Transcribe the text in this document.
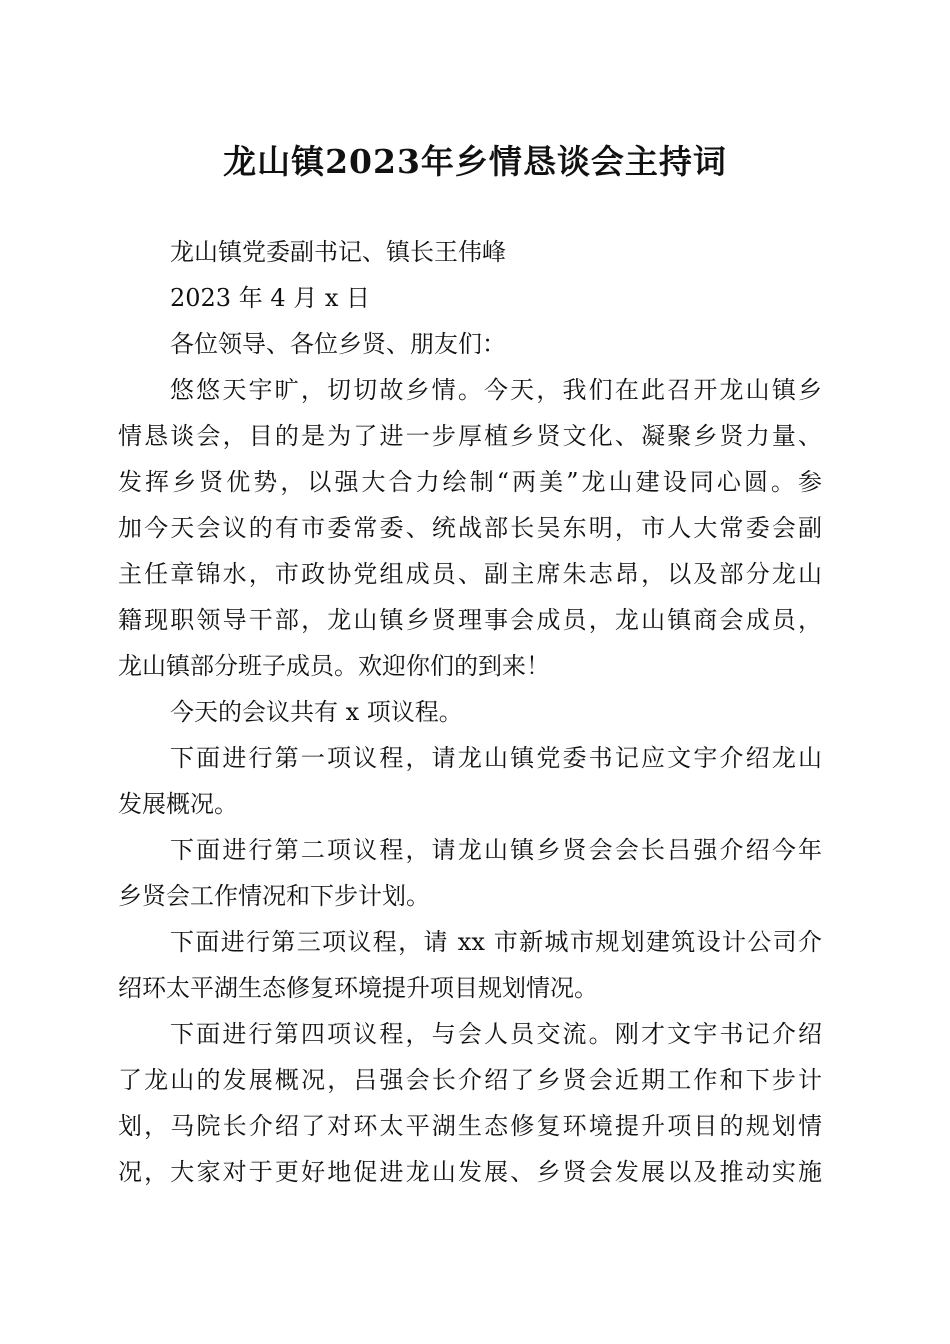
龙山镇2023年乡情恳谈会主持词
龙山镇党委副书记、镇长王伟峰
2023 年 4 月 x 日
各位领导、各位乡贤、朋友们：
悠悠天宇旷，切切故乡情。今天，我们在此召开龙山镇乡
情恳谈会，目的是为了进一步厚植乡贤文化、凝聚乡贤力量、
发挥乡贤优势，以强大合力绘制“两美”龙山建设同心圆。参
加今天会议的有市委常委、统战部长吴东明，市人大常委会副
主任章锦水，市政协党组成员、副主席朱志昂，以及部分龙山
籍现职领导干部，龙山镇乡贤理事会成员，龙山镇商会成员，
龙山镇部分班子成员。欢迎你们的到来！
今天的会议共有 x 项议程。
下面进行第一项议程，请龙山镇党委书记应文宇介绍龙山
发展概况。
下面进行第二项议程，请龙山镇乡贤会会长吕强介绍今年
乡贤会工作情况和下步计划。
下面进行第三项议程，请 xx 市新城市规划建筑设计公司介
绍环太平湖生态修复环境提升项目规划情况。
下面进行第四项议程，与会人员交流。刚才文宇书记介绍
了龙山的发展概况，吕强会长介绍了乡贤会近期工作和下步计
划，马院长介绍了对环太平湖生态修复环境提升项目的规划情
况，大家对于更好地促进龙山发展、乡贤会发展以及推动实施
